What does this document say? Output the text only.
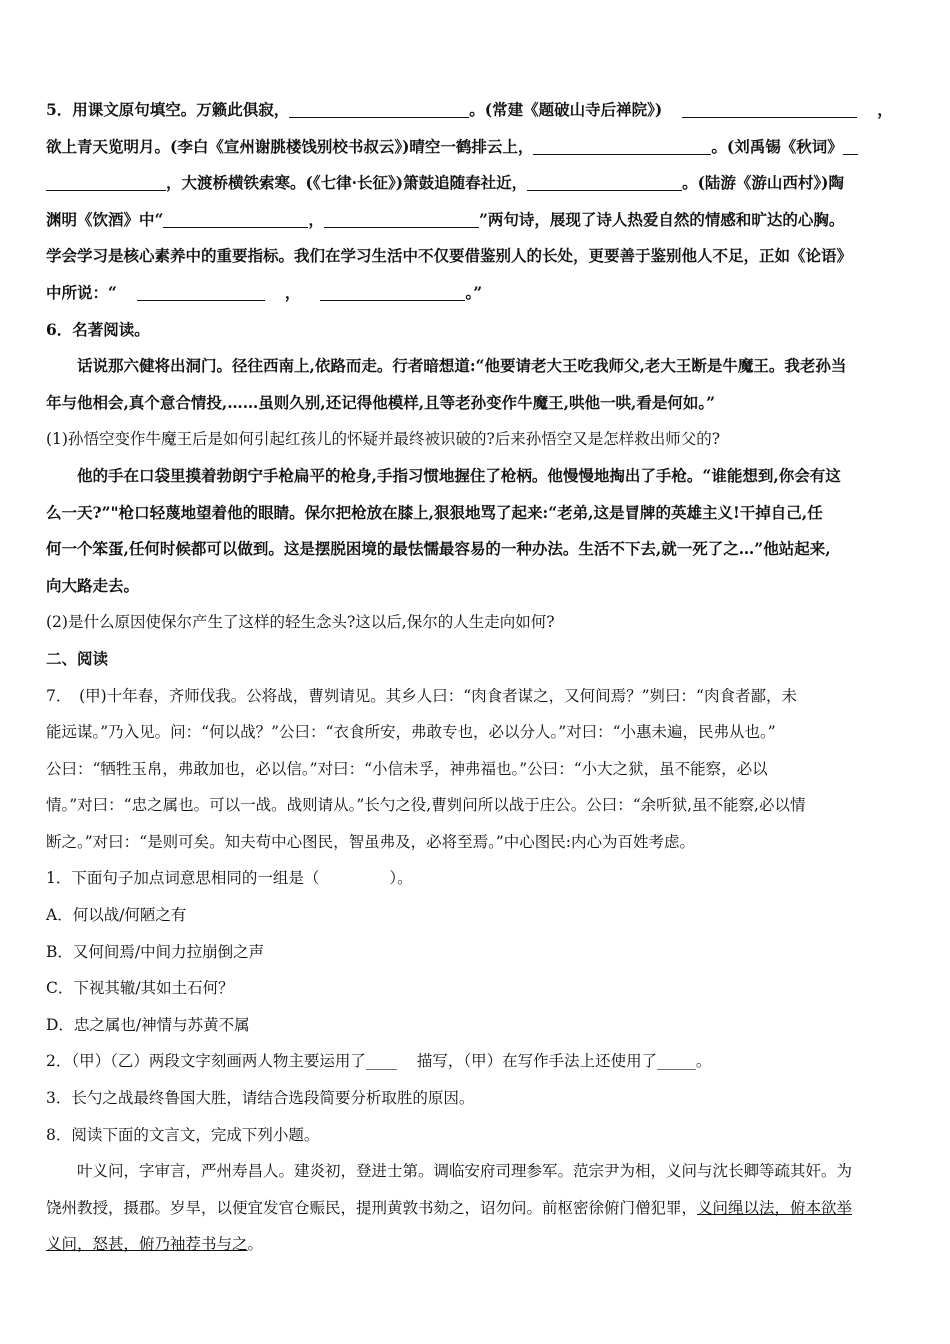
5．用课文原句填空。万籁此俱寂，	。(常建《题破山寺后禅院》)	，
欲上青天览明月。(李白《宣州谢朓楼饯别校书叔云》)晴空一鹤排云上，	。(刘禹锡《秋词》
，大渡桥横铁索寒。(《七律·长征》)箫鼓追随春社近，	。(陆游《游山西村》)陶
渊明《饮酒》中“	，	”两句诗，展现了诗人热爱自然的情感和旷达的心胸。
学会学习是核心素养中的重要指标。我们在学习生活中不仅要借鉴别人的长处，更要善于鉴别他人不足，正如《论语》
中所说：“	，	。”
6．名著阅读。
话说那六健将出洞门。径往西南上,依路而走。行者暗想道:“他要请老大王吃我师父,老大王断是牛魔王。我老孙当
年与他相会,真个意合情投,……虽则久别,还记得他模样,且等老孙变作牛魔王,哄他一哄,看是何如。”
(1)孙悟空变作牛魔王后是如何引起红孩儿的怀疑并最终被识破的?后来孙悟空又是怎样救出师父的?
他的手在口袋里摸着勃朗宁手枪扁平的枪身,手指习惯地握住了枪柄。他慢慢地掏出了手枪。“谁能想到,你会有这
么一天?”"枪口轻蔑地望着他的眼睛。保尔把枪放在膝上,狠狠地骂了起来:“老弟,这是冒牌的英雄主义!干掉自己,任
何一个笨蛋,任何时候都可以做到。这是摆脱困境的最怯懦最容易的一种办法。生活不下去,就一死了之…”他站起来,
向大路走去。
(2)是什么原因使保尔产生了这样的轻生念头?这以后,保尔的人生走向如何?
二、阅读
7．　(甲)十年春，齐师伐我。公将战，曹刿请见。其乡人曰：“肉食者谋之，又何间焉？”刿曰：“肉食者鄙，未
能远谋。”乃入见。问：“何以战？”公曰：“衣食所安，弗敢专也，必以分人。”对曰：“小惠未遍，民弗从也。”
公曰：“牺牲玉帛，弗敢加也，必以信。”对曰：“小信未孚，神弗福也。”公曰：“小大之狱，虽不能察，必以
情。”对曰：“忠之属也。可以一战。战则请从。”长勺之役,曹刿问所以战于庄公。公曰：“余听狱,虽不能察,必以情
断之。”对曰：“是则可矣。知夫苟中心图民，智虽弗及，必将至焉。”中心图民:内心为百姓考虑。
1．下面句子加点词意思相同的一组是（	）。
A．何以战/何陋之有
B．又何间焉/中间力拉崩倒之声
C．下视其辙/其如土石何？
D．忠之属也/神情与苏黄不属
2．（甲）（乙）两段文字刻画两人物主要运用了____ 描写，（甲）在写作手法上还使用了_____。
3．长勺之战最终鲁国大胜，请结合选段简要分析取胜的原因。
8．阅读下面的文言文，完成下列小题。
叶义问，字审言，严州寿昌人。建炎初，登进士第。调临安府司理参军。范宗尹为相，义问与沈长卿等疏其奸。为
饶州教授，摄郡。岁旱，以便宜发官仓赈民，提刑黄敦书劾之，诏勿问。前枢密徐俯门僧犯罪，义问绳以法，俯本欲举
义问，怒甚，俯乃袖荐书与之。
